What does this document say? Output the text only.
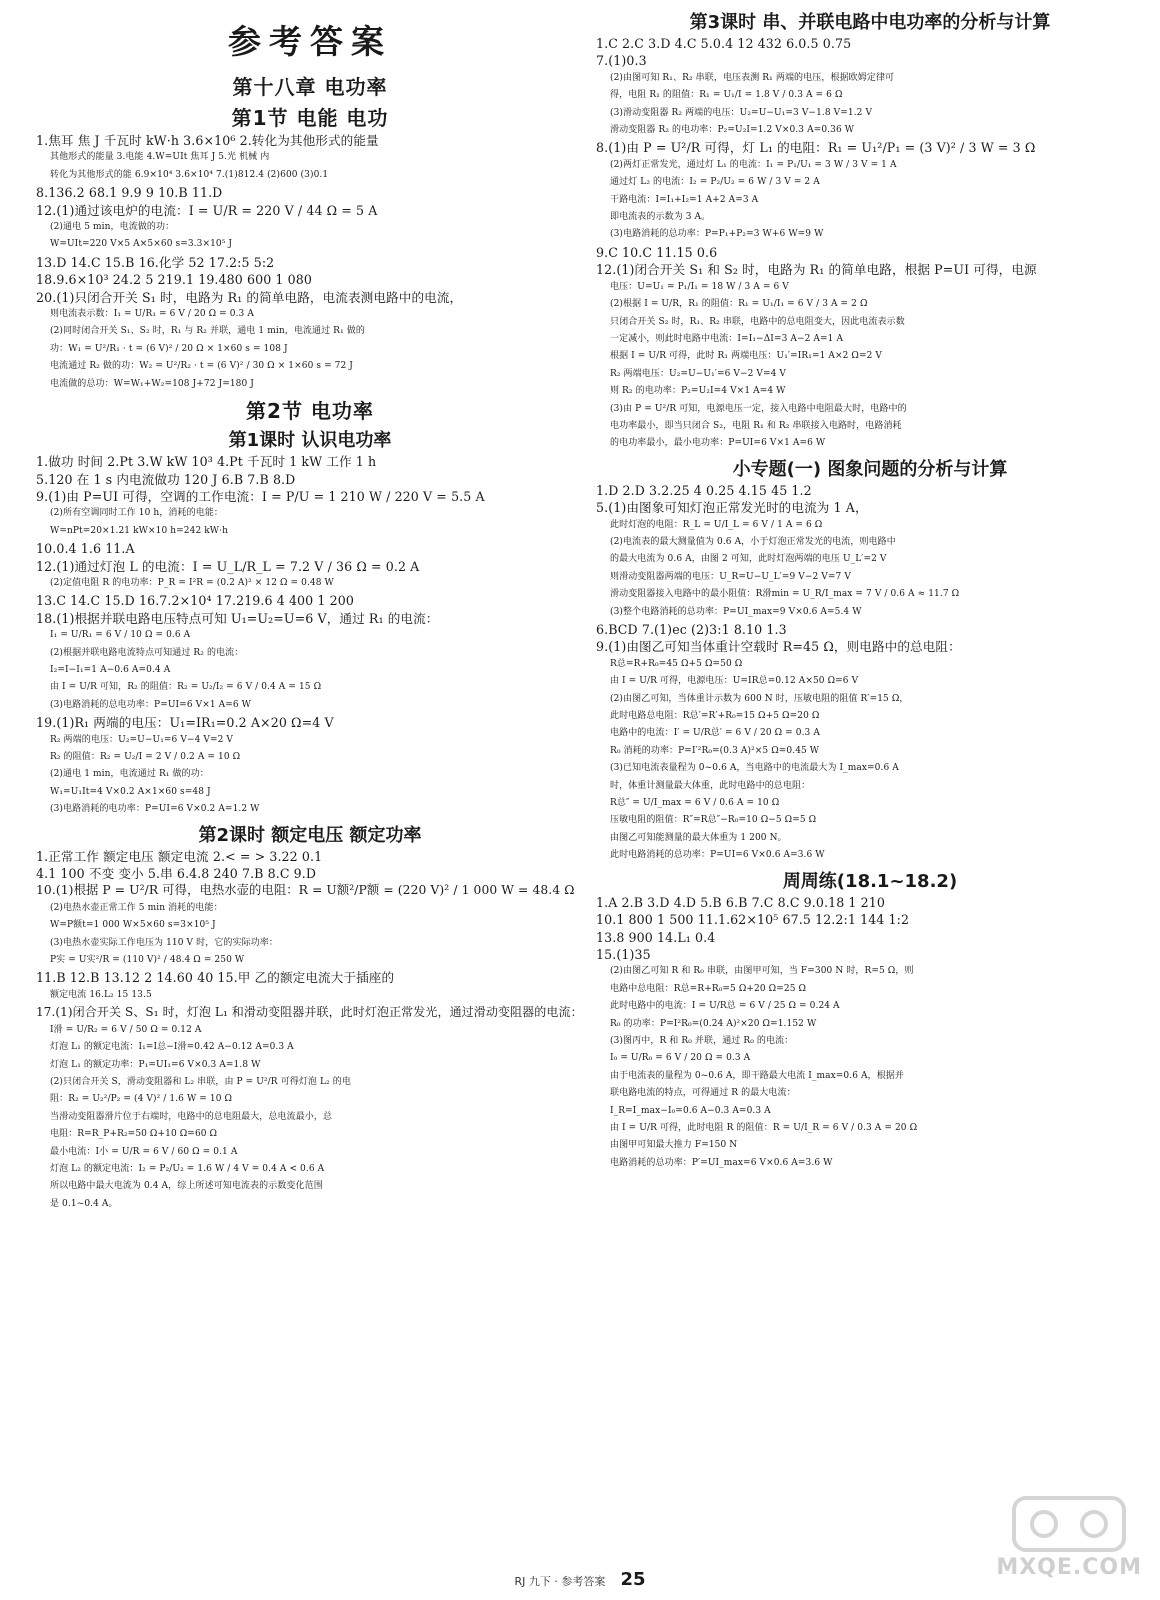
参考答案
第十八章 电功率
第1节 电能 电功
1.焦耳 焦 J 千瓦时 kW·h 3.6×10⁶ 2.转化为其他形式的能量
其他形式的能量 3.电能 4.W=UIt 焦耳 J 5.光 机械 内
转化为其他形式的能 6.9×10⁴ 3.6×10⁴ 7.(1)812.4 (2)600 (3)0.1
8.136.2 68.1 9.9 9 10.B 11.D
12.(1)通过该电炉的电流：I = U/R = 220 V / 44 Ω = 5 A
(2)通电 5 min，电流做的功：
W=UIt=220 V×5 A×5×60 s=3.3×10⁵ J
13.D 14.C 15.B 16.化学 52 17.2:5 5:2
18.9.6×10³ 24.2 5 219.1 19.480 600 1 080
20.(1)只闭合开关 S₁ 时，电路为 R₁ 的简单电路，电流表测电路中的电流，
则电流表示数：I₁ = U/R₁ = 6 V / 20 Ω = 0.3 A
(2)同时闭合开关 S₁、S₂ 时，R₁ 与 R₂ 并联，通电 1 min，电流通过 R₁ 做的
功：W₁ = U²/R₁ · t = (6 V)² / 20 Ω × 1×60 s = 108 J
电流通过 R₂ 做的功：W₂ = U²/R₂ · t = (6 V)² / 30 Ω × 1×60 s = 72 J
电流做的总功：W=W₁+W₂=108 J+72 J=180 J
第2节 电功率
第1课时 认识电功率
1.做功 时间 2.Pt 3.W kW 10³ 4.Pt 千瓦时 1 kW 工作 1 h
5.120 在 1 s 内电流做功 120 J 6.B 7.B 8.D
9.(1)由 P=UI 可得，空调的工作电流：I = P/U = 1 210 W / 220 V = 5.5 A
(2)所有空调同时工作 10 h，消耗的电能：
W=nPt=20×1.21 kW×10 h=242 kW·h
10.0.4 1.6 11.A
12.(1)通过灯泡 L 的电流：I = U_L/R_L = 7.2 V / 36 Ω = 0.2 A
(2)定值电阻 R 的电功率：P_R = I²R = (0.2 A)² × 12 Ω = 0.48 W
13.C 14.C 15.D 16.7.2×10⁴ 17.219.6 4 400 1 200
18.(1)根据并联电路电压特点可知 U₁=U₂=U=6 V，通过 R₁ 的电流：
I₁ = U/R₁ = 6 V / 10 Ω = 0.6 A
(2)根据并联电路电流特点可知通过 R₂ 的电流：
I₂=I−I₁=1 A−0.6 A=0.4 A
由 I = U/R 可知，R₂ 的阻值：R₂ = U₂/I₂ = 6 V / 0.4 A = 15 Ω
(3)电路消耗的总电功率：P=UI=6 V×1 A=6 W
19.(1)R₁ 两端的电压：U₁=IR₁=0.2 A×20 Ω=4 V
R₂ 两端的电压：U₂=U−U₁=6 V−4 V=2 V
R₂ 的阻值：R₂ = U₂/I = 2 V / 0.2 A = 10 Ω
(2)通电 1 min，电流通过 R₁ 做的功：
W₁=U₁It=4 V×0.2 A×1×60 s=48 J
(3)电路消耗的电功率：P=UI=6 V×0.2 A=1.2 W
第2课时 额定电压 额定功率
1.正常工作 额定电压 额定电流 2.< = > 3.22 0.1
4.1 100 不变 变小 5.串 6.4.8 240 7.B 8.C 9.D
10.(1)根据 P = U²/R 可得，电热水壶的电阻：R = U额²/P额 = (220 V)² / 1 000 W = 48.4 Ω
(2)电热水壶正常工作 5 min 消耗的电能：
W=P额t=1 000 W×5×60 s=3×10⁵ J
(3)电热水壶实际工作电压为 110 V 时，它的实际功率：
P实 = U实²/R = (110 V)² / 48.4 Ω = 250 W
11.B 12.B 13.12 2 14.60 40 15.甲 乙的额定电流大于插座的
额定电流 16.L₂ 15 13.5
17.(1)闭合开关 S、S₁ 时，灯泡 L₁ 和滑动变阻器并联，此时灯泡正常发光，通过滑动变阻器的电流：
I滑 = U/R₂ = 6 V / 50 Ω = 0.12 A
灯泡 L₁ 的额定电流：I₁=I总−I滑=0.42 A−0.12 A=0.3 A
灯泡 L₁ 的额定功率：P₁=UI₁=6 V×0.3 A=1.8 W
(2)只闭合开关 S，滑动变阻器和 L₂ 串联，由 P = U²/R 可得灯泡 L₂ 的电
阻：R₂ = U₂²/P₂ = (4 V)² / 1.6 W = 10 Ω
当滑动变阻器滑片位于右端时，电路中的总电阻最大，总电流最小，总
电阻：R=R_P+R₂=50 Ω+10 Ω=60 Ω
最小电流：I小 = U/R = 6 V / 60 Ω = 0.1 A
灯泡 L₂ 的额定电流：I₂ = P₂/U₂ = 1.6 W / 4 V = 0.4 A < 0.6 A
所以电路中最大电流为 0.4 A，综上所述可知电流表的示数变化范围
是 0.1~0.4 A。
第3课时 串、并联电路中电功率的分析与计算
1.C 2.C 3.D 4.C 5.0.4 12 432 6.0.5 0.75
7.(1)0.3
(2)由图可知 R₁、R₂ 串联，电压表测 R₁ 两端的电压，根据欧姆定律可
得，电阻 R₁ 的阻值：R₁ = U₁/I = 1.8 V / 0.3 A = 6 Ω
(3)滑动变阻器 R₂ 两端的电压：U₂=U−U₁=3 V−1.8 V=1.2 V
滑动变阻器 R₂ 的电功率：P₂=U₂I=1.2 V×0.3 A=0.36 W
8.(1)由 P = U²/R 可得，灯 L₁ 的电阻：R₁ = U₁²/P₁ = (3 V)² / 3 W = 3 Ω
(2)两灯正常发光，通过灯 L₁ 的电流：I₁ = P₁/U₁ = 3 W / 3 V = 1 A
通过灯 L₂ 的电流：I₂ = P₂/U₂ = 6 W / 3 V = 2 A
干路电流：I=I₁+I₂=1 A+2 A=3 A
即电流表的示数为 3 A。
(3)电路消耗的总功率：P=P₁+P₂=3 W+6 W=9 W
9.C 10.C 11.15 0.6
12.(1)闭合开关 S₁ 和 S₂ 时，电路为 R₁ 的简单电路，根据 P=UI 可得，电源
电压：U=U₁ = P₁/I₁ = 18 W / 3 A = 6 V
(2)根据 I = U/R，R₁ 的阻值：R₁ = U₁/I₁ = 6 V / 3 A = 2 Ω
只闭合开关 S₂ 时，R₁、R₂ 串联，电路中的总电阻变大，因此电流表示数
一定减小，则此时电路中电流：I=I₁−ΔI=3 A−2 A=1 A
根据 I = U/R 可得，此时 R₁ 两端电压：U₁′=IR₁=1 A×2 Ω=2 V
R₂ 两端电压：U₂=U−U₁′=6 V−2 V=4 V
则 R₂ 的电功率：P₂=U₂I=4 V×1 A=4 W
(3)由 P = U²/R 可知，电源电压一定，接入电路中电阻最大时，电路中的
电功率最小，即当只闭合 S₂，电阻 R₁ 和 R₂ 串联接入电路时，电路消耗
的电功率最小，最小电功率：P=UI=6 V×1 A=6 W
小专题(一) 图象问题的分析与计算
1.D 2.D 3.2.25 4 0.25 4.15 45 1.2
5.(1)由图象可知灯泡正常发光时的电流为 1 A，
此时灯泡的电阻：R_L = U/I_L = 6 V / 1 A = 6 Ω
(2)电流表的最大测量值为 0.6 A，小于灯泡正常发光的电流，则电路中
的最大电流为 0.6 A，由图 2 可知，此时灯泡两端的电压 U_L′=2 V
则滑动变阻器两端的电压：U_R=U−U_L′=9 V−2 V=7 V
滑动变阻器接入电路中的最小阻值：R滑min = U_R/I_max = 7 V / 0.6 A ≈ 11.7 Ω
(3)整个电路消耗的总功率：P=UI_max=9 V×0.6 A=5.4 W
6.BCD 7.(1)ec (2)3:1 8.10 1.3
9.(1)由图乙可知当体重计空载时 R=45 Ω，则电路中的总电阻：
R总=R+R₀=45 Ω+5 Ω=50 Ω
由 I = U/R 可得，电源电压：U=IR总=0.12 A×50 Ω=6 V
(2)由图乙可知，当体重计示数为 600 N 时，压敏电阻的阻值 R′=15 Ω，
此时电路总电阻：R总′=R′+R₀=15 Ω+5 Ω=20 Ω
电路中的电流：I′ = U/R总′ = 6 V / 20 Ω = 0.3 A
R₀ 消耗的功率：P=I′²R₀=(0.3 A)²×5 Ω=0.45 W
(3)已知电流表量程为 0~0.6 A，当电路中的电流最大为 I_max=0.6 A
时，体重计测量最大体重，此时电路中的总电阻：
R总″ = U/I_max = 6 V / 0.6 A = 10 Ω
压敏电阻的阻值：R″=R总″−R₀=10 Ω−5 Ω=5 Ω
由图乙可知能测量的最大体重为 1 200 N。
此时电路消耗的总功率：P=UI=6 V×0.6 A=3.6 W
周周练(18.1~18.2)
1.A 2.B 3.D 4.D 5.B 6.B 7.C 8.C 9.0.18 1 210
10.1 800 1 500 11.1.62×10⁵ 67.5 12.2:1 144 1:2
13.8 900 14.L₁ 0.4
15.(1)35
(2)由图乙可知 R 和 R₀ 串联，由图甲可知，当 F=300 N 时，R=5 Ω，则
电路中总电阻：R总=R+R₀=5 Ω+20 Ω=25 Ω
此时电路中的电流：I = U/R总 = 6 V / 25 Ω = 0.24 A
R₀ 的功率：P=I²R₀=(0.24 A)²×20 Ω=1.152 W
(3)图丙中，R 和 R₀ 并联，通过 R₀ 的电流：
I₀ = U/R₀ = 6 V / 20 Ω = 0.3 A
由于电流表的量程为 0~0.6 A，即干路最大电流 I_max=0.6 A，根据并
联电路电流的特点，可得通过 R 的最大电流：
I_R=I_max−I₀=0.6 A−0.3 A=0.3 A
由 I = U/R 可得，此时电阻 R 的阻值：R = U/I_R = 6 V / 0.3 A = 20 Ω
由图甲可知最大推力 F=150 N
电路消耗的总功率：P′=UI_max=6 V×0.6 A=3.6 W
RJ 九下 · 参考答案 25	MXQE.COM
